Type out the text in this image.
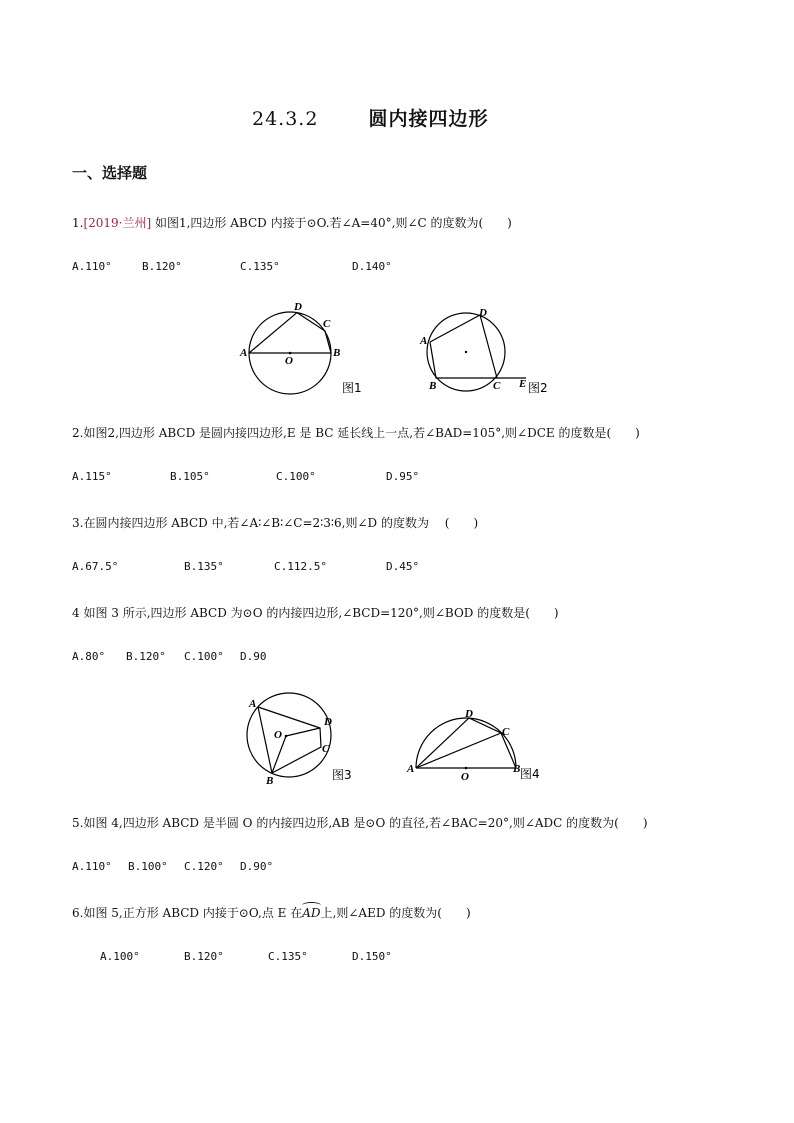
24.3.2	圆内接四边形
一、选择题
1.[2019·兰州] 如图1,四边形 ABCD 内接于⊙O.若∠A=40°,则∠C 的度数为(　　)
A.110°	B.120°	C.135°	D.140°
A	B
C
D
O
图1
A
B	C
D
E 图2
2.如图2,四边形 ABCD 是圆内接四边形,E 是 BC 延长线上一点,若∠BAD=105°,则∠DCE 的度数是(　　)
A.115°	B.105°	C.100°	D.95°
3.在圆内接四边形 ABCD 中,若∠A∶∠B∶∠C=2∶3∶6,则∠D 的度数为　 (　　)
A.67.5°	B.135°	C.112.5°	D.45°
4 如图 3 所示,四边形 ABCD 为⊙O 的内接四边形,∠BCD=120°,则∠BOD 的度数是(　　)
A.80° B.120° C.100° D.90
A
B
C
D
O
图3	A	B
C
D
O	图4
5.如图 4,四边形 ABCD 是半圆 O 的内接四边形,AB 是⊙O 的直径,若∠BAC=20°,则∠ADC 的度数为(　　)
A.110° B.100° C.120° D.90°
6.如图 5,正方形 ABCD 内接于⊙O,点 E 在
AD上,则∠AED 的度数为(　　)
A.100°	B.120°	C.135°	D.150°
